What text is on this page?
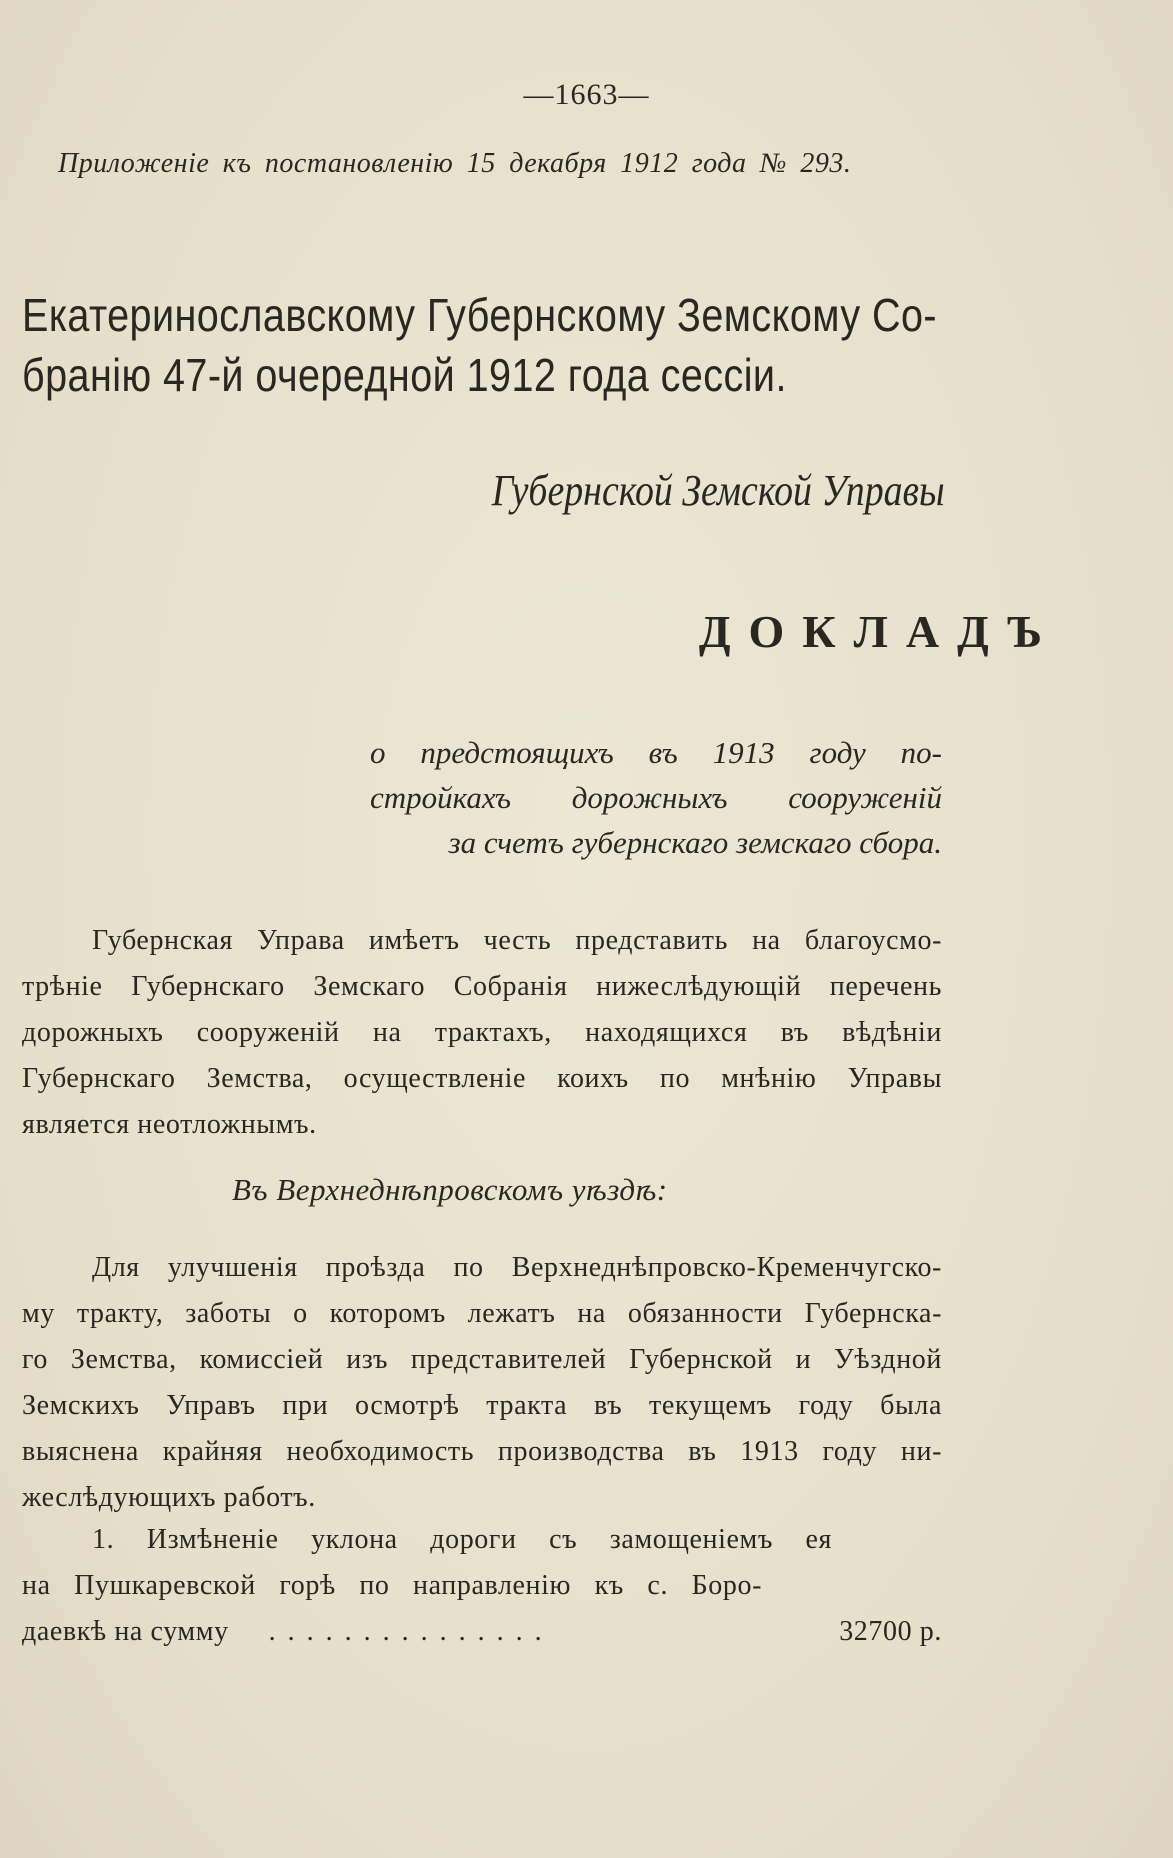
—1663—
Приложеніе къ постановленію 15 декабря 1912 года № 293.
Екатеринославскому Губернскому Земскому Со-
бранію 47-й очередной 1912 года сессіи.
Губернской Земской Управы
ДОКЛАДЪ
о предстоящихъ въ 1913 году по-
стройкахъ дорожныхъ сооруженій
за счетъ губернскаго земскаго сбора.
Губернская Управа имѣетъ честь представить на благоусмо-
трѣніе Губернскаго Земскаго Собранія нижеслѣдующій перечень
дорожныхъ сооруженій на трактахъ, находящихся въ вѣдѣніи
Губернскаго Земства, осуществленіе коихъ по мнѣнію Управы
является неотложнымъ.
Въ Верхнеднѣпровскомъ уѣздѣ:
Для улучшенія проѣзда по Верхнеднѣпровско-Кременчугско-
му тракту, заботы о которомъ лежатъ на обязанности Губернска-
го Земства, комиссіей изъ представителей Губернской и Уѣздной
Земскихъ Управъ при осмотрѣ тракта въ текущемъ году была
выяснена крайняя необходимость производства въ 1913 году ни-
жеслѣдующихъ работъ.
1. Измѣненіе уклона дороги съ замощеніемъ ея
на Пушкаревской горѣ по направленію къ с. Боро-
даевкѣ на сумму ...............	32700 р.
